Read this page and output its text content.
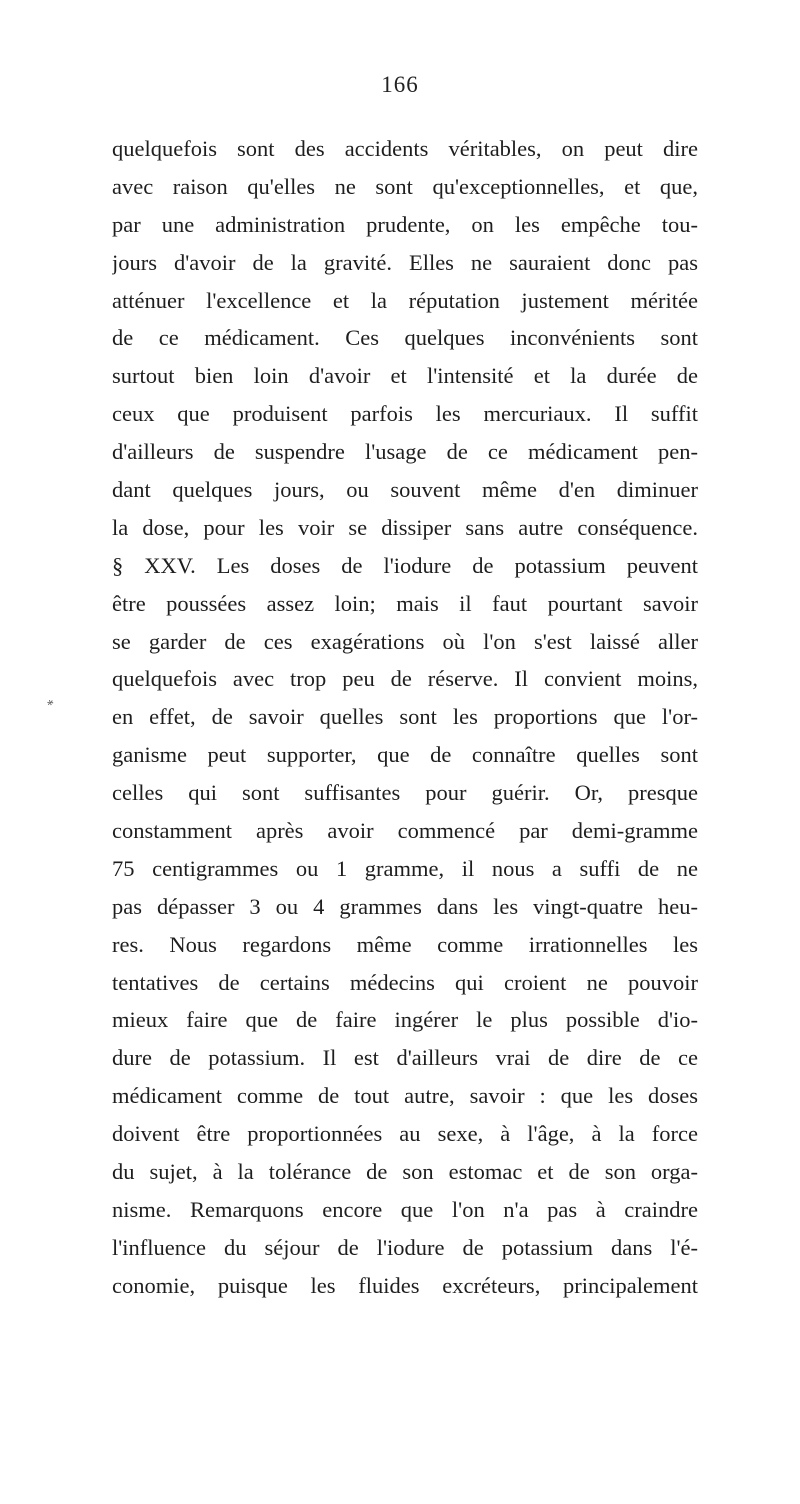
166
*
quelquefois sont des accidents véritables, on peut dire
avec raison qu'elles ne sont qu'exceptionnelles, et que,
par une administration prudente, on les empêche tou-
jours d'avoir de la gravité. Elles ne sauraient donc pas
atténuer l'excellence et la réputation justement méritée
de ce médicament. Ces quelques inconvénients sont
surtout bien loin d'avoir et l'intensité et la durée de
ceux que produisent parfois les mercuriaux. Il suffit
d'ailleurs de suspendre l'usage de ce médicament pen-
dant quelques jours, ou souvent même d'en diminuer
la dose, pour les voir se dissiper sans autre conséquence.
§ XXV. Les doses de l'iodure de potassium peuvent
être poussées assez loin; mais il faut pourtant savoir
se garder de ces exagérations où l'on s'est laissé aller
quelquefois avec trop peu de réserve. Il convient moins,
en effet, de savoir quelles sont les proportions que l'or-
ganisme peut supporter, que de connaître quelles sont
celles qui sont suffisantes pour guérir. Or, presque
constamment après avoir commencé par demi-gramme
75 centigrammes ou 1 gramme, il nous a suffi de ne
pas dépasser 3 ou 4 grammes dans les vingt-quatre heu-
res. Nous regardons même comme irrationnelles les
tentatives de certains médecins qui croient ne pouvoir
mieux faire que de faire ingérer le plus possible d'io-
dure de potassium. Il est d'ailleurs vrai de dire de ce
médicament comme de tout autre, savoir : que les doses
doivent être proportionnées au sexe, à l'âge, à la force
du sujet, à la tolérance de son estomac et de son orga-
nisme. Remarquons encore que l'on n'a pas à craindre
l'influence du séjour de l'iodure de potassium dans l'é-
conomie, puisque les fluides excréteurs, principalement
